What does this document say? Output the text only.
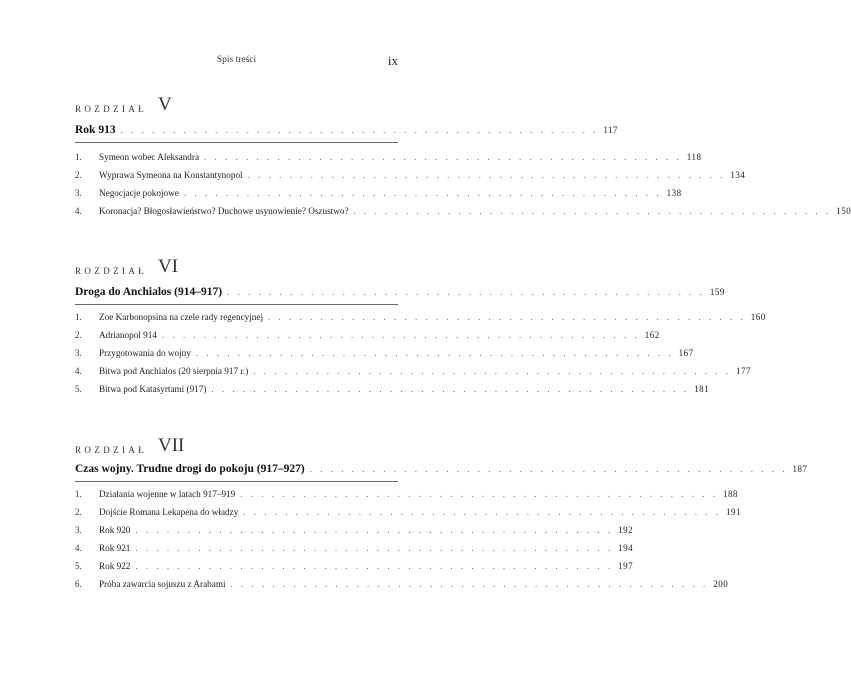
Spis treści	ix
ROZDZIAŁ V
Rok 913 . . . . . . . . . . . . . . . . . . . . . . . . . . . . . . . . . . . . . . . . . . . . . . 117
1.	Symeon wobec Aleksandra . . . . . . . . . . . . . . . . . . . . . . . . . . . . . . . . . . . . . . . . . . . . . . 118
2.	Wyprawa Symeona na Konstantynopol . . . . . . . . . . . . . . . . . . . . . . . . . . . . . . . . . . . . . . . . . . . . . . 134
3.	Negocjacje pokojowe . . . . . . . . . . . . . . . . . . . . . . . . . . . . . . . . . . . . . . . . . . . . . . 138
4.	Koronacja? Błogosławieństwo? Duchowe usynowienie? Oszustwo? . . . . . . . . . . . . . . . . . . . . . . . . . . . . . . . . . . . . . . . . . . . . . . 150
ROZDZIAŁ VI
Droga do Anchialos (914–917) . . . . . . . . . . . . . . . . . . . . . . . . . . . . . . . . . . . . . . . . . . . . . . 159
1.	Zoe Karbonopsina na czele rady regencyjnej . . . . . . . . . . . . . . . . . . . . . . . . . . . . . . . . . . . . . . . . . . . . . . 160
2.	Adrianopol 914 . . . . . . . . . . . . . . . . . . . . . . . . . . . . . . . . . . . . . . . . . . . . . . 162
3.	Przygotowania do wojny . . . . . . . . . . . . . . . . . . . . . . . . . . . . . . . . . . . . . . . . . . . . . . 167
4.	Bitwa pod Anchialos (20 sierpnia 917 r.) . . . . . . . . . . . . . . . . . . . . . . . . . . . . . . . . . . . . . . . . . . . . . . 177
5.	Bitwa pod Katasyrtami (917) . . . . . . . . . . . . . . . . . . . . . . . . . . . . . . . . . . . . . . . . . . . . . . 181
ROZDZIAŁ VII
Czas wojny. Trudne drogi do pokoju (917–927) . . . . . . . . . . . . . . . . . . . . . . . . . . . . . . . . . . . . . . . . . . . . . . 187
1.	Działania wojenne w latach 917–919 . . . . . . . . . . . . . . . . . . . . . . . . . . . . . . . . . . . . . . . . . . . . . . 188
2.	Dojście Romana Lekapena do władzy . . . . . . . . . . . . . . . . . . . . . . . . . . . . . . . . . . . . . . . . . . . . . . 191
3.	Rok 920 . . . . . . . . . . . . . . . . . . . . . . . . . . . . . . . . . . . . . . . . . . . . . . 192
4.	Rok 921 . . . . . . . . . . . . . . . . . . . . . . . . . . . . . . . . . . . . . . . . . . . . . . 194
5.	Rok 922 . . . . . . . . . . . . . . . . . . . . . . . . . . . . . . . . . . . . . . . . . . . . . . 197
6.	Próba zawarcia sojuszu z Arabami . . . . . . . . . . . . . . . . . . . . . . . . . . . . . . . . . . . . . . . . . . . . . . 200
